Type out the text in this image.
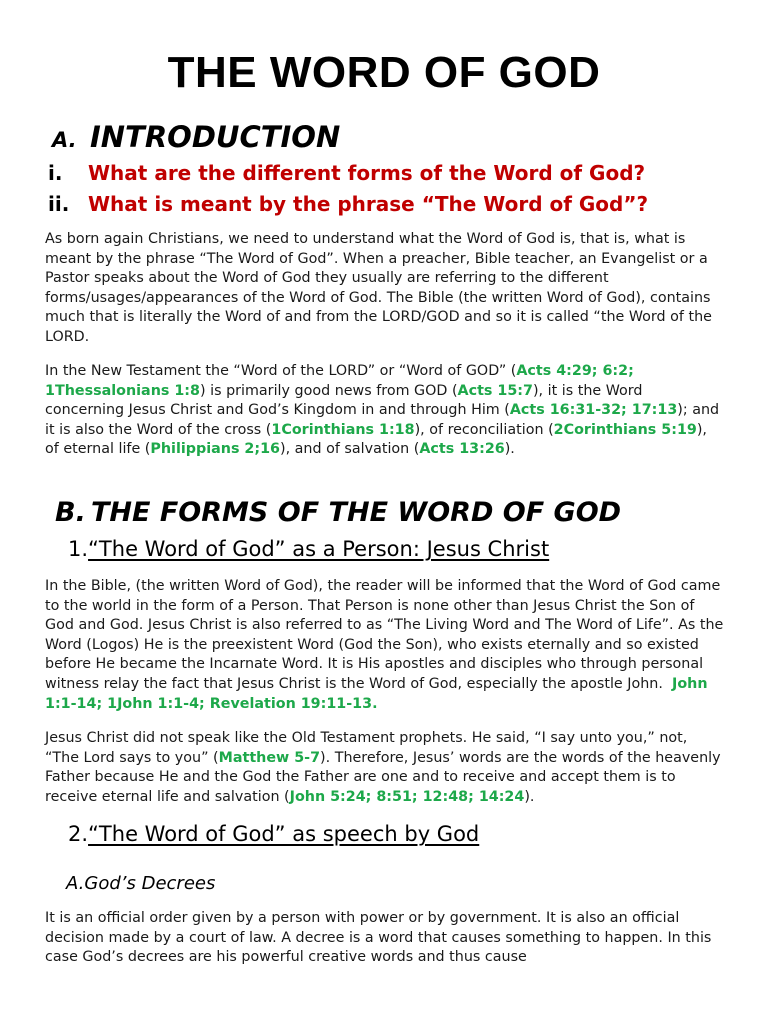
THE WORD OF GOD
A. INTRODUCTION

i. What are the different forms of the Word of God?

ii. What is meant by the phrase “The Word of God”?

As born again Christians, we need to understand what the Word of God is, that is, what is meant by the phrase “The Word of God”. When a preacher, Bible teacher, an Evangelist or a Pastor speaks about the Word of God they usually are referring to the different forms/usages/appearances of the Word of God. The Bible (the written Word of God), contains much that is literally the Word of and from the LORD/GOD and so it is called “the Word of the LORD.

In the New Testament the “Word of the LORD” or “Word of GOD” (Acts 4:29; 6:2; 1Thessalonians 1:8) is primarily good news from GOD (Acts 15:7), it is the Word concerning Jesus Christ and God’s Kingdom in and through Him (Acts 16:31-32; 17:13); and it is also the Word of the cross (1Corinthians 1:18), of reconciliation (2Corinthians 5:19), of eternal life (Philippians 2;16), and of salvation (Acts 13:26).

B. THE FORMS OF THE WORD OF GOD

1.“The Word of God” as a Person: Jesus Christ

In the Bible, (the written Word of God), the reader will be informed that the Word of God came to the world in the form of a Person. That Person is none other than Jesus Christ the Son of God and God. Jesus Christ is also referred to as “The Living Word and The Word of Life”. As the Word (Logos) He is the preexistent Word (God the Son), who exists eternally and so existed before He became the Incarnate Word. It is His apostles and disciples who through personal witness relay the fact that Jesus Christ is the Word of God, especially the apostle John. John 1:1-14; 1John 1:1-4; Revelation 19:11-13.

Jesus Christ did not speak like the Old Testament prophets. He said, “I say unto you,” not, “The Lord says to you” (Matthew 5-7). Therefore, Jesus’ words are the words of the heavenly Father because He and the God the Father are one and to receive and accept them is to receive eternal life and salvation (John 5:24; 8:51; 12:48; 14:24).

2.“The Word of God” as speech by God

A.God’s Decrees

It is an official order given by a person with power or by government. It is also an official decision made by a court of law. A decree is a word that causes something to happen. In this case God’s decrees are his powerful creative words and thus cause
